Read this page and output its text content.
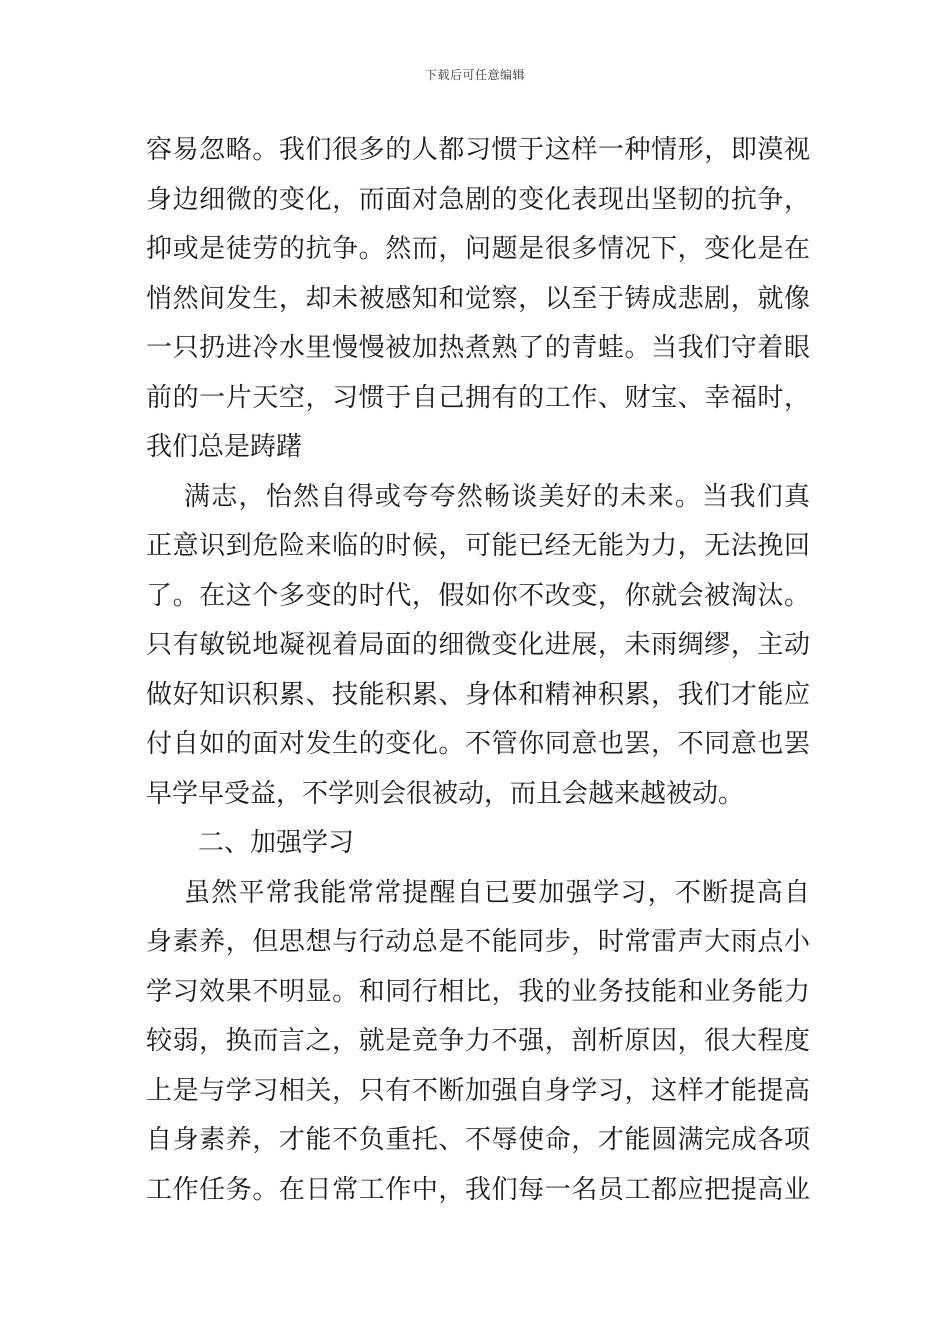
下载后可任意编辑
容易忽略。我们很多的人都习惯于这样一种情形，即漠视
身边细微的变化，而面对急剧的变化表现出坚韧的抗争，
抑或是徒劳的抗争。然而，问题是很多情况下，变化是在
悄然间发生，却未被感知和觉察，以至于铸成悲剧，就像
一只扔进冷水里慢慢被加热煮熟了的青蛙。当我们守着眼
前的一片天空，习惯于自己拥有的工作、财宝、幸福时，
我们总是踌躇
满志，怡然自得或夸夸然畅谈美好的未来。当我们真
正意识到危险来临的时候，可能已经无能为力，无法挽回
了。在这个多变的时代，假如你不改变，你就会被淘汰。
只有敏锐地凝视着局面的细微变化进展，未雨绸缪，主动
做好知识积累、技能积累、身体和精神积累，我们才能应
付自如的面对发生的变化。不管你同意也罢，不同意也罢
早学早受益，不学则会很被动，而且会越来越被动。
二、加强学习
虽然平常我能常常提醒自已要加强学习，不断提高自
身素养，但思想与行动总是不能同步，时常雷声大雨点小
学习效果不明显。和同行相比，我的业务技能和业务能力
较弱，换而言之，就是竞争力不强，剖析原因，很大程度
上是与学习相关，只有不断加强自身学习，这样才能提高
自身素养，才能不负重托、不辱使命，才能圆满完成各项
工作任务。在日常工作中，我们每一名员工都应把提高业
